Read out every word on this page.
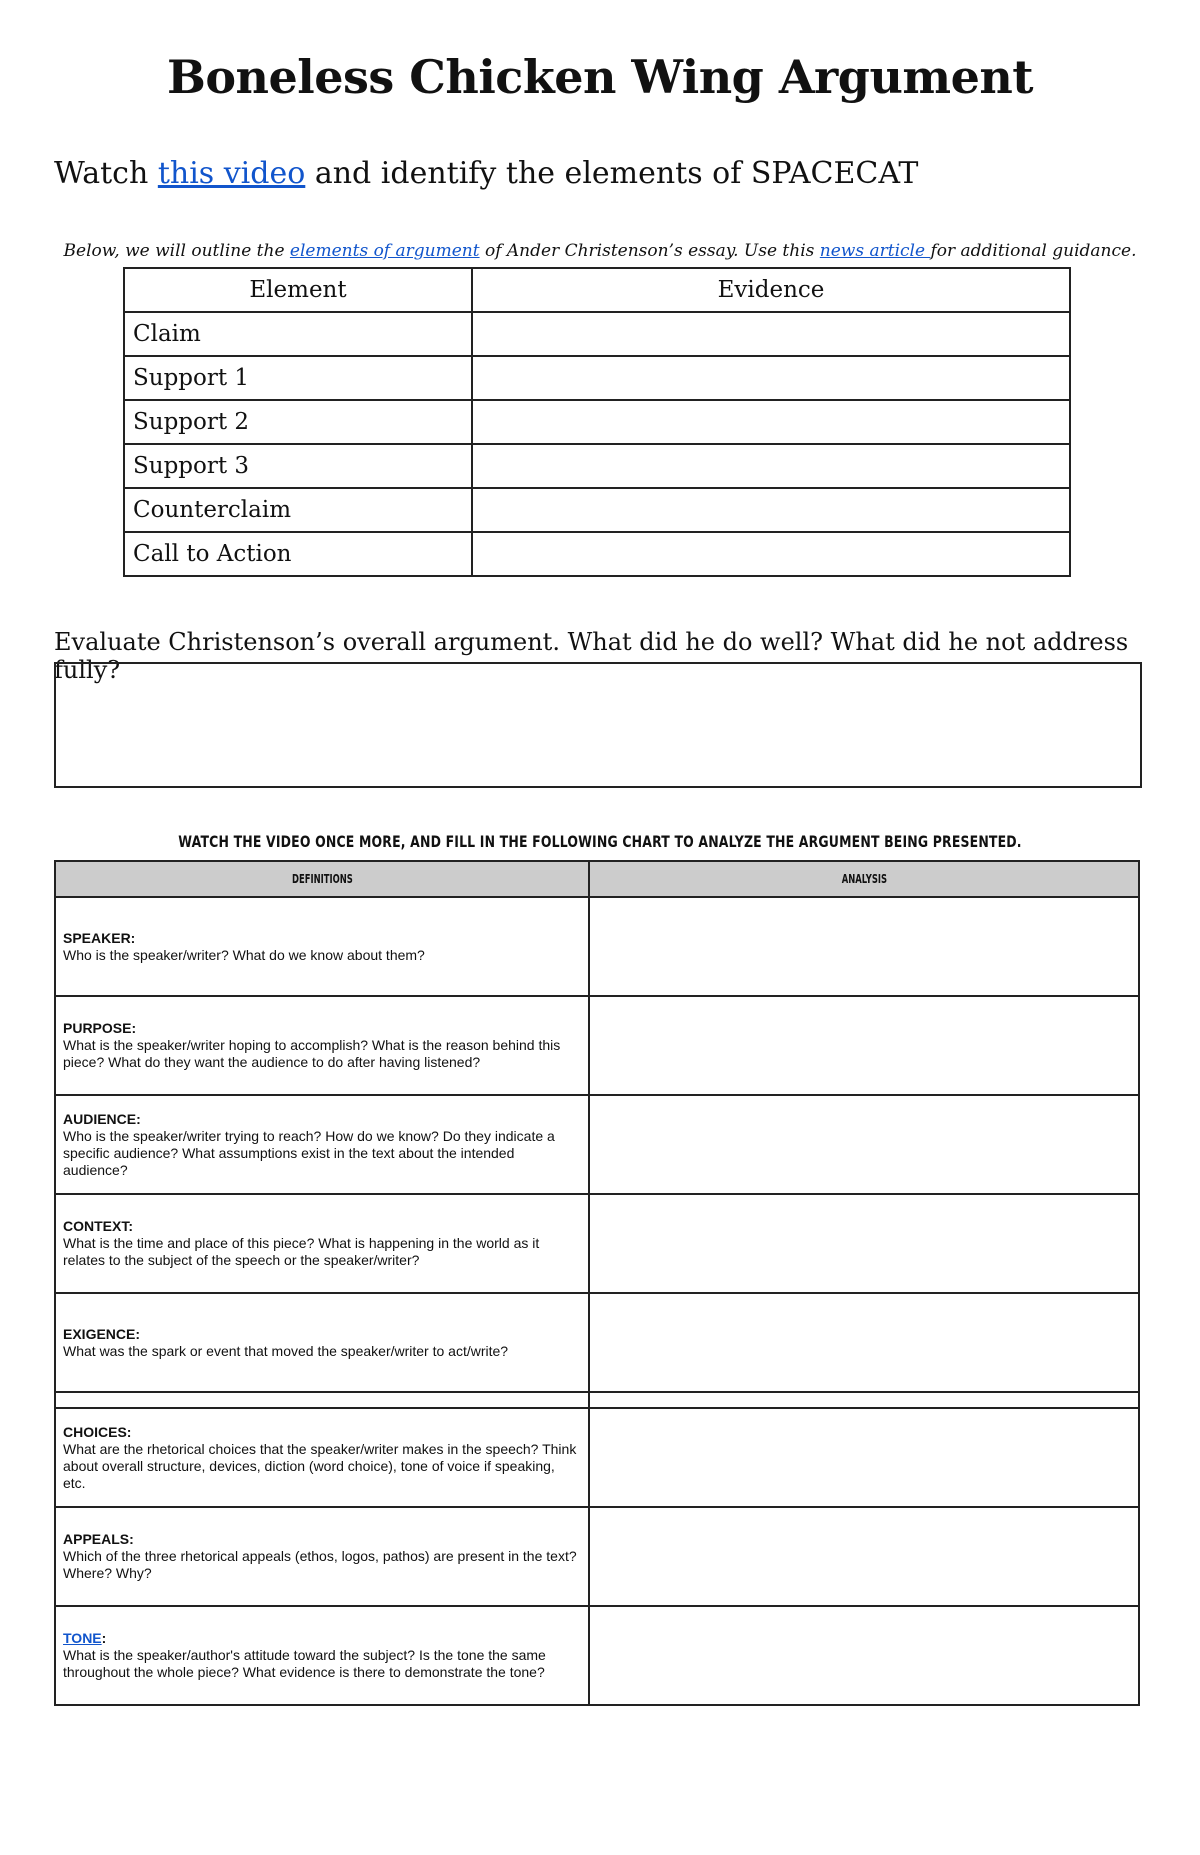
Boneless Chicken Wing Argument
Watch this video and identify the elements of SPACECAT
Below, we will outline the elements of argument of Ander Christenson’s essay. Use this news article for additional guidance.
Element	Evidence
Claim	
Support 1	
Support 2	
Support 3	
Counterclaim	
Call to Action	
Evaluate Christenson’s overall argument. What did he do well? What did he not address fully?
WATCH THE VIDEO ONCE MORE, AND FILL IN THE FOLLOWING CHART TO ANALYZE THE ARGUMENT BEING PRESENTED.
DEFINITIONS	ANALYSIS

SPEAKER:
Who is the speaker/writer? What do we know about them?	

PURPOSE:
What is the speaker/writer hoping to accomplish? What is the reason behind this piece? What do they want the audience to do after having listened?	

AUDIENCE:
Who is the speaker/writer trying to reach? How do we know? Do they indicate a specific audience? What assumptions exist in the text about the intended audience?	

CONTEXT:
What is the time and place of this piece? What is happening in the world as it relates to the subject of the speech or the speaker/writer?	

EXIGENCE:
What was the spark or event that moved the speaker/writer to act/write?	

CHOICES:
What are the rhetorical choices that the speaker/writer makes in the speech? Think about overall structure, devices, diction (word choice), tone of voice if speaking, etc.	

APPEALS:
Which of the three rhetorical appeals (ethos, logos, pathos) are present in the text? Where? Why?	

TONE:
What is the speaker/author's attitude toward the subject? Is the tone the same throughout the whole piece? What evidence is there to demonstrate the tone?	
